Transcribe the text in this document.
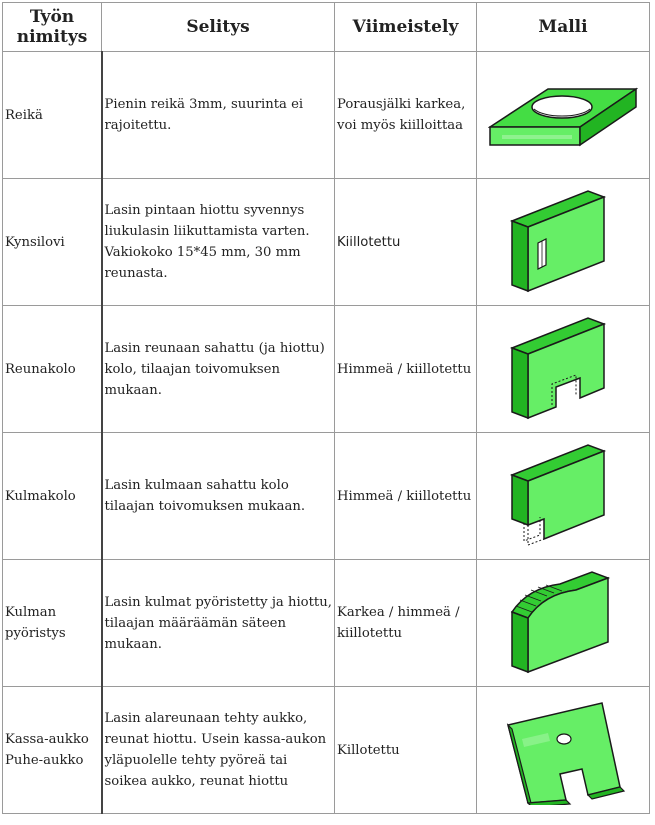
Työn nimitys	Selitys	Viimeistely	Malli
Reikä	Pienin reikä 3mm, suurinta ei rajoitettu.	Porausjälki karkea, voi myös kiilloittaa	

Kynsilovi	Lasin pintaan hiottu syvennys liukulasin liikuttamista varten. Vakiokoko 15*45 mm, 30 mm reunasta.	Kiillotettu	

Reunakolo	Lasin reunaan sahattu (ja hiottu) kolo, tilaajan toivomuksen mukaan.	Himmeä / kiillotettu	

Kulmakolo	Lasin kulmaan sahattu kolo tilaajan toivomuksen mukaan.	Himmeä / kiillotettu	

Kulman pyöristys	Lasin kulmat pyöristetty ja hiottu, tilaajan määräämän säteen mukaan.	Karkea / himmeä / kiillotettu	

Kassa-aukko Puhe-aukko	Lasin alareunaan tehty aukko, reunat hiottu. Usein kassa-aukon yläpuolelle tehty pyöreä tai soikea aukko, reunat hiottu	Killotettu	
